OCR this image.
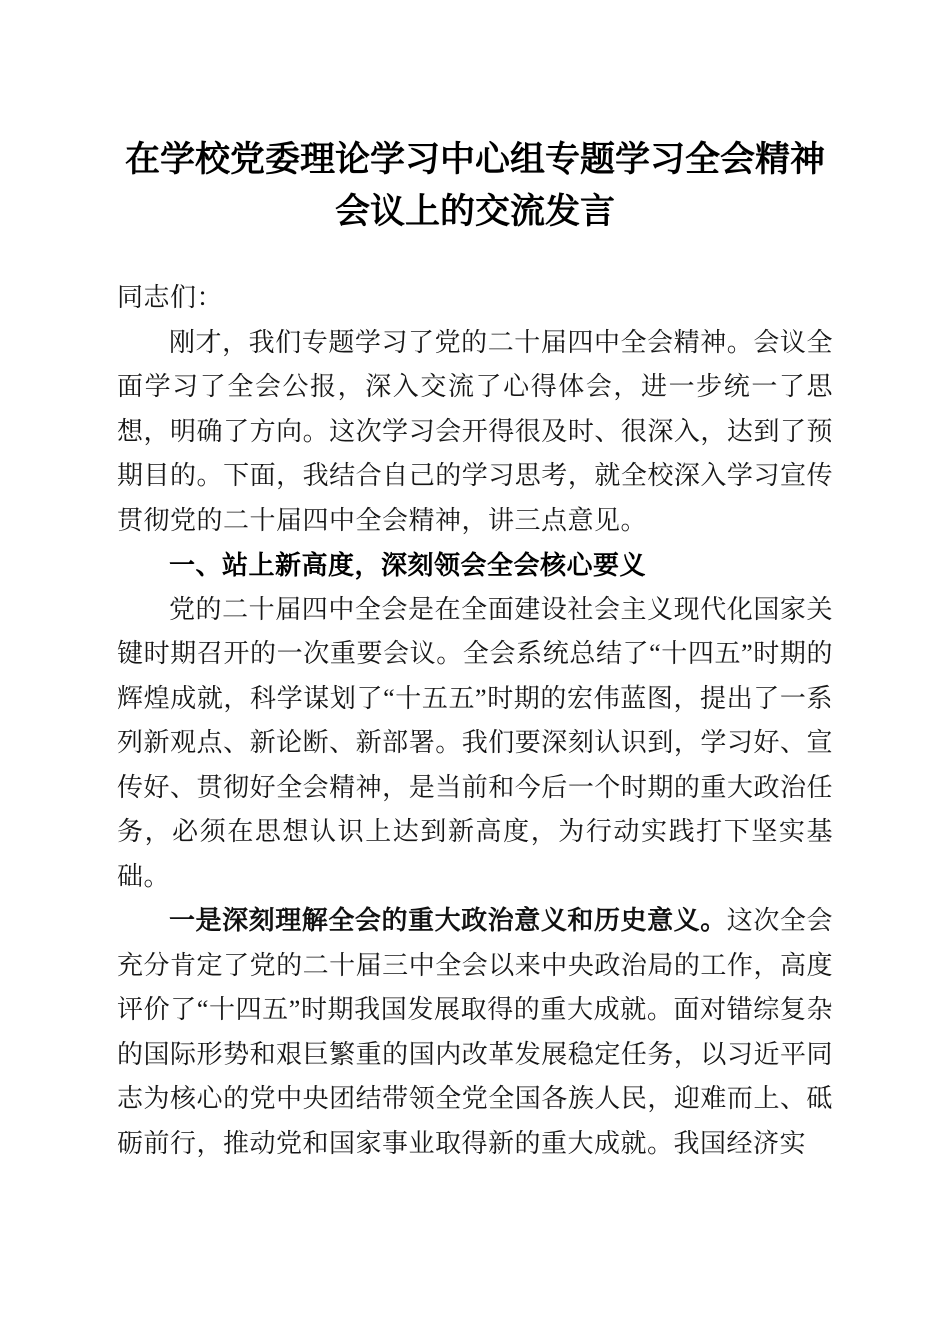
在学校党委理论学习中心组专题学习全会精神
会议上的交流发言

同志们：

刚才，我们专题学习了党的二十届四中全会精神。会议全面学习了全会公报，深入交流了心得体会，进一步统一了思想，明确了方向。这次学习会开得很及时、很深入，达到了预期目的。下面，我结合自己的学习思考，就全校深入学习宣传贯彻党的二十届四中全会精神，讲三点意见。

一、站上新高度，深刻领会全会核心要义

党的二十届四中全会是在全面建设社会主义现代化国家关键时期召开的一次重要会议。全会系统总结了“十四五”时期的辉煌成就，科学谋划了“十五五”时期的宏伟蓝图，提出了一系列新观点、新论断、新部署。我们要深刻认识到，学习好、宣传好、贯彻好全会精神，是当前和今后一个时期的重大政治任务，必须在思想认识上达到新高度，为行动实践打下坚实基础。

一是深刻理解全会的重大政治意义和历史意义。这次全会充分肯定了党的二十届三中全会以来中央政治局的工作，高度评价了“十四五”时期我国发展取得的重大成就。面对错综复杂的国际形势和艰巨繁重的国内改革发展稳定任务，以习近平同志为核心的党中央团结带领全党全国各族人民，迎难而上、砥砺前行，推动党和国家事业取得新的重大成就。我国经济实
